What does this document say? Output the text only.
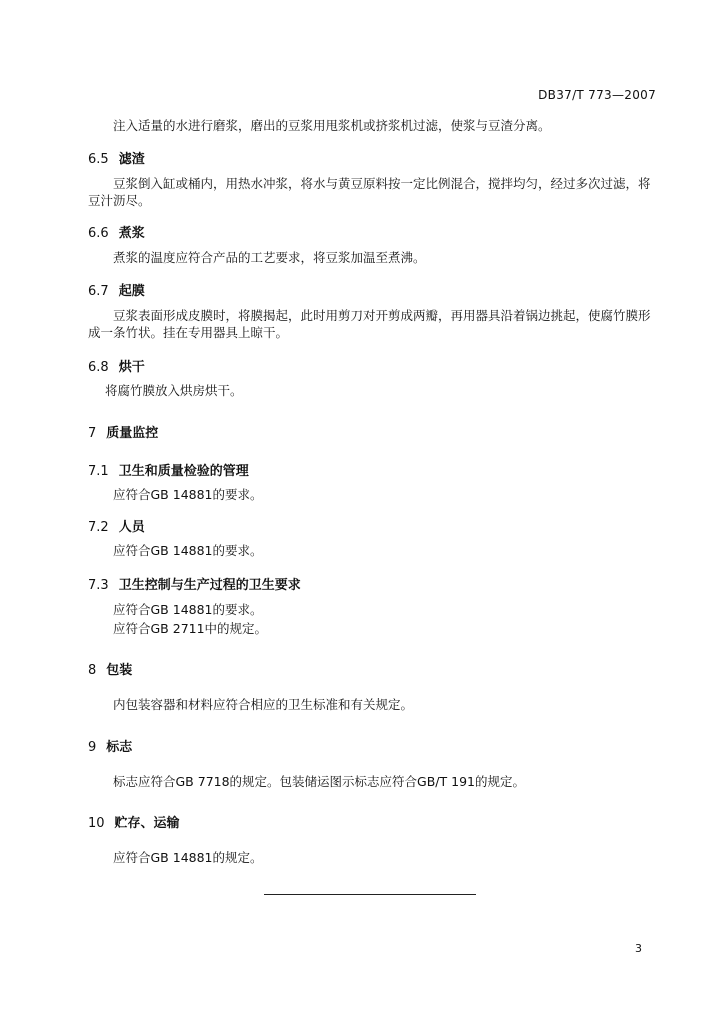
DB37/T 773—2007
注入适量的水进行磨浆，磨出的豆浆用甩浆机或挤浆机过滤，使浆与豆渣分离。
6.5 滤渣
豆浆倒入缸或桶内，用热水冲浆，将水与黄豆原料按一定比例混合，搅拌均匀，经过多次过滤，将
豆汁沥尽。
6.6 煮浆
煮浆的温度应符合产品的工艺要求，将豆浆加温至煮沸。
6.7 起膜
豆浆表面形成皮膜时，将膜揭起，此时用剪刀对开剪成两瓣，再用器具沿着锅边挑起，使腐竹膜形
成一条竹状。挂在专用器具上晾干。
6.8 烘干
将腐竹膜放入烘房烘干。
7 质量监控
7.1 卫生和质量检验的管理
应符合GB 14881的要求。
7.2 人员
应符合GB 14881的要求。
7.3 卫生控制与生产过程的卫生要求
应符合GB 14881的要求。
应符合GB 2711中的规定。
8 包装
内包装容器和材料应符合相应的卫生标准和有关规定。
9 标志
标志应符合GB 7718的规定。包装储运图示标志应符合GB/T 191的规定。
10 贮存、运输
应符合GB 14881的规定。
3
